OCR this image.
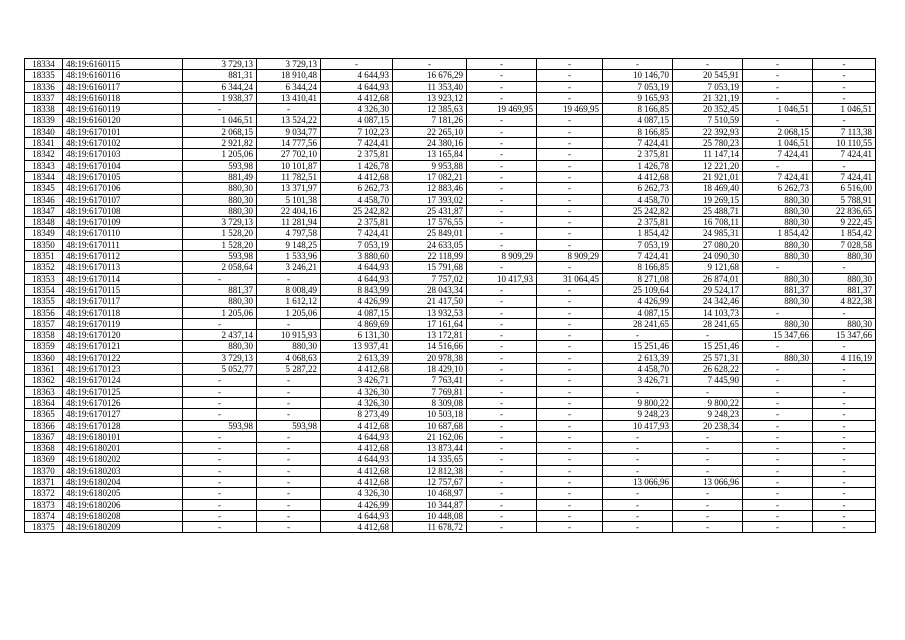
18334	48:19:6160115	3 729,13	3 729,13	-	-	-	-	-	-	-	-
18335	48:19:6160116	881,31	18 910,48	4 644,93	16 676,29	-	-	10 146,70	20 545,91	-	-
18336	48:19:6160117	6 344,24	6 344,24	4 644,93	11 353,40	-	-	7 053,19	7 053,19	-	-
18337	48:19:6160118	1 938,37	13 410,41	4 412,68	13 923,12	-	-	9 165,93	21 321,19	-	-
18338	48:19:6160119	-	-	4 326,30	12 385,63	19 469,95	19 469,95	8 166,85	20 352,45	1 046,51	1 046,51
18339	48:19:6160120	1 046,51	13 524,22	4 087,15	7 181,26	-	-	4 087,15	7 510,59	-	-
18340	48:19:6170101	2 068,15	9 034,77	7 102,23	22 265,10	-	-	8 166,85	22 392,93	2 068,15	7 113,38
18341	48:19:6170102	2 921,82	14 777,56	7 424,41	24 380,16	-	-	7 424,41	25 780,23	1 046,51	10 110,55
18342	48:19:6170103	1 205,06	27 702,10	2 375,81	13 165,84	-	-	2 375,81	11 147,14	7 424,41	7 424,41
18343	48:19:6170104	593,98	10 101,87	1 426,78	9 953,88	-	-	1 426,78	12 221,20	-	-
18344	48:19:6170105	881,49	11 782,51	4 412,68	17 082,21	-	-	4 412,68	21 921,01	7 424,41	7 424,41
18345	48:19:6170106	880,30	13 371,97	6 262,73	12 883,46	-	-	6 262,73	18 469,40	6 262,73	6 516,00
18346	48:19:6170107	880,30	5 101,38	4 458,70	17 393,02	-	-	4 458,70	19 269,15	880,30	5 788,91
18347	48:19:6170108	880,30	22 404,16	25 242,82	25 431,87	-	-	25 242,82	25 488,71	880,30	22 836,65
18348	48:19:6170109	3 729,13	11 281,94	2 375,81	17 576,55	-	-	2 375,81	16 708,11	880,30	9 222,45
18349	48:19:6170110	1 528,20	4 797,58	7 424,41	25 849,01	-	-	1 854,42	24 985,31	1 854,42	1 854,42
18350	48:19:6170111	1 528,20	9 148,25	7 053,19	24 633,05	-	-	7 053,19	27 080,20	880,30	7 028,58
18351	48:19:6170112	593,98	1 533,96	3 880,60	22 118,99	8 909,29	8 909,29	7 424,41	24 090,30	880,30	880,30
18352	48:19:6170113	2 058,64	3 246,21	4 644,93	15 791,68	-	-	8 166,85	9 121,68	-	-
18353	48:19:6170114	-	-	4 644,93	7 757,02	10 417,93	31 064,45	8 271,08	26 874,01	880,30	880,30
18354	48:19:6170115	881,37	8 008,49	8 843,99	28 043,34	-	-	25 109,64	29 524,17	881,37	881,37
18355	48:19:6170117	880,30	1 612,12	4 426,99	21 417,50	-	-	4 426,99	24 342,46	880,30	4 822,38
18356	48:19:6170118	1 205,06	1 205,06	4 087,15	13 932,53	-	-	4 087,15	14 103,73	-	-
18357	48:19:6170119	-	-	4 869,69	17 161,64	-	-	28 241,65	28 241,65	880,30	880,30
18358	48:19:6170120	2 437,14	10 915,93	6 131,30	13 172,81	-	-	-	-	15 347,66	15 347,66
18359	48:19:6170121	880,30	880,30	13 937,41	14 516,66	-	-	15 251,46	15 251,46	-	-
18360	48:19:6170122	3 729,13	4 068,63	2 613,39	20 978,38	-	-	2 613,39	25 571,31	880,30	4 116,19
18361	48:19:6170123	5 052,77	5 287,22	4 412,68	18 429,10	-	-	4 458,70	26 628,22	-	-
18362	48:19:6170124	-	-	3 426,71	7 763,41	-	-	3 426,71	7 445,90	-	-
18363	48:19:6170125	-	-	4 326,30	7 769,81	-	-	-	-	-	-
18364	48:19:6170126	-	-	4 326,30	8 309,08	-	-	9 800,22	9 800,22	-	-
18365	48:19:6170127	-	-	8 273,49	10 503,18	-	-	9 248,23	9 248,23	-	-
18366	48:19:6170128	593,98	593,98	4 412,68	10 687,68	-	-	10 417,93	20 238,34	-	-
18367	48:19:6180101	-	-	4 644,93	21 162,06	-	-	-	-	-	-
18368	48:19:6180201	-	-	4 412,68	13 873,44	-	-	-	-	-	-
18369	48:19:6180202	-	-	4 644,93	14 335,65	-	-	-	-	-	-
18370	48:19:6180203	-	-	4 412,68	12 812,38	-	-	-	-	-	-
18371	48:19:6180204	-	-	4 412,68	12 757,67	-	-	13 066,96	13 066,96	-	-
18372	48:19:6180205	-	-	4 326,30	10 468,97	-	-	-	-	-	-
18373	48:19:6180206	-	-	4 426,99	10 344,87	-	-	-	-	-	-
18374	48:19:6180208	-	-	4 644,93	10 448,08	-	-	-	-	-	-
18375	48:19:6180209	-	-	4 412,68	11 678,72	-	-	-	-	-	-
